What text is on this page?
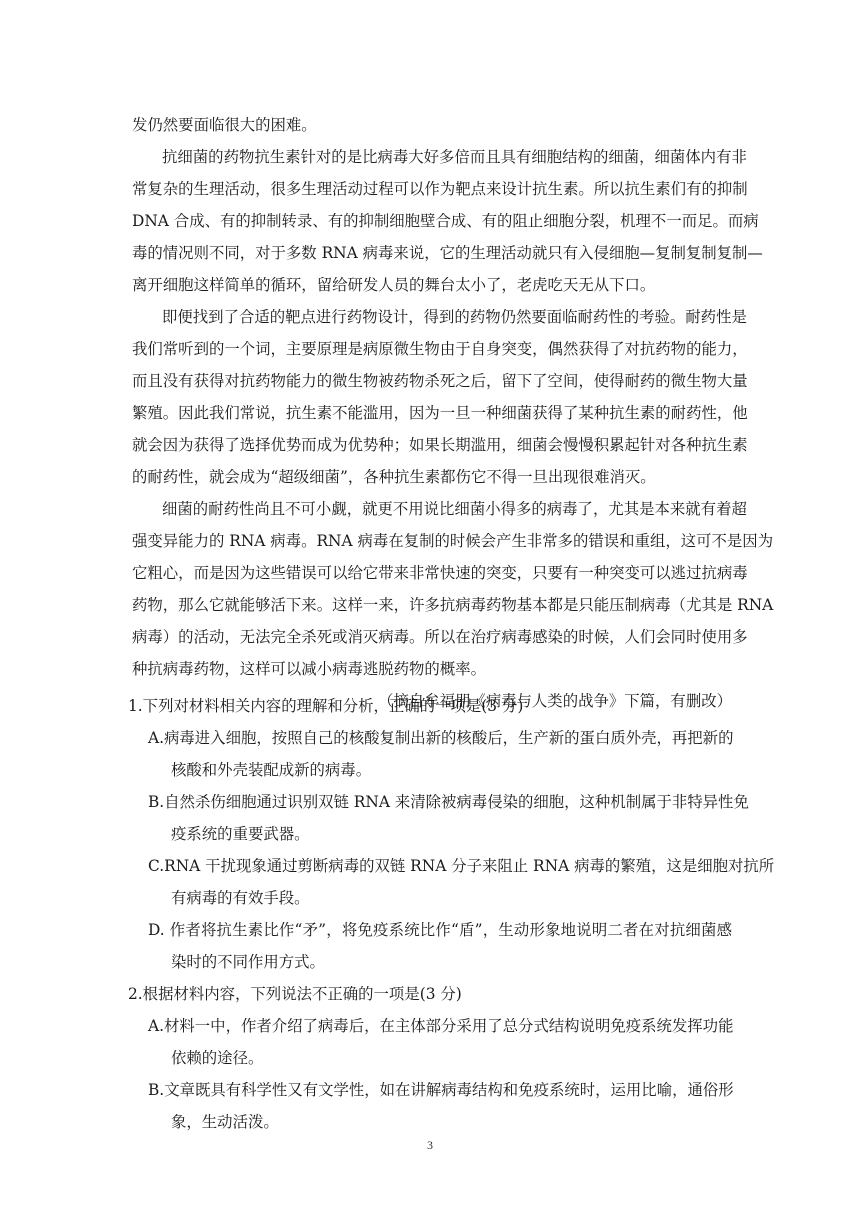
发仍然要面临很大的困难。
抗细菌的药物抗生素针对的是比病毒大好多倍而且具有细胞结构的细菌，细菌体内有非
常复杂的生理活动，很多生理活动过程可以作为靶点来设计抗生素。所以抗生素们有的抑制
DNA 合成、有的抑制转录、有的抑制细胞壁合成、有的阻止细胞分裂，机理不一而足。而病
毒的情况则不同，对于多数 RNA 病毒来说，它的生理活动就只有入侵细胞—复制复制复制—
离开细胞这样简单的循环，留给研发人员的舞台太小了，老虎吃天无从下口。
即便找到了合适的靶点进行药物设计，得到的药物仍然要面临耐药性的考验。耐药性是
我们常听到的一个词，主要原理是病原微生物由于自身突变，偶然获得了对抗药物的能力，
而且没有获得对抗药物能力的微生物被药物杀死之后，留下了空间，使得耐药的微生物大量
繁殖。因此我们常说，抗生素不能滥用，因为一旦一种细菌获得了某种抗生素的耐药性，他
就会因为获得了选择优势而成为优势种；如果长期滥用，细菌会慢慢积累起针对各种抗生素
的耐药性，就会成为“超级细菌”，各种抗生素都伤它不得一旦出现很难消灭。
细菌的耐药性尚且不可小觑，就更不用说比细菌小得多的病毒了，尤其是本来就有着超
强变异能力的 RNA 病毒。RNA 病毒在复制的时候会产生非常多的错误和重组，这可不是因为
它粗心，而是因为这些错误可以给它带来非常快速的突变，只要有一种突变可以逃过抗病毒
药物，那么它就能够活下来。这样一来，许多抗病毒药物基本都是只能压制病毒（尤其是 RNA
病毒）的活动，无法完全杀死或消灭病毒。所以在治疗病毒感染的时候，人们会同时使用多
种抗病毒药物，这样可以减小病毒逃脱药物的概率。
（摘自牟福朋《病毒与人类的战争》下篇，有删改）
1.下列对材料相关内容的理解和分析，正确的一项是(3 分)
A.病毒进入细胞，按照自己的核酸复制出新的核酸后，生产新的蛋白质外壳，再把新的
核酸和外壳装配成新的病毒。
B.自然杀伤细胞通过识别双链 RNA 来清除被病毒侵染的细胞，这种机制属于非特异性免
疫系统的重要武器。
C.RNA 干扰现象通过剪断病毒的双链 RNA 分子来阻止 RNA 病毒的繁殖，这是细胞对抗所
有病毒的有效手段。
D. 作者将抗生素比作“矛”，将免疫系统比作“盾”，生动形象地说明二者在对抗细菌感
染时的不同作用方式。
2.根据材料内容，下列说法不正确的一项是(3 分)
A.材料一中，作者介绍了病毒后，在主体部分采用了总分式结构说明免疫系统发挥功能
依赖的途径。
B.文章既具有科学性又有文学性，如在讲解病毒结构和免疫系统时，运用比喻，通俗形
象，生动活泼。
3
